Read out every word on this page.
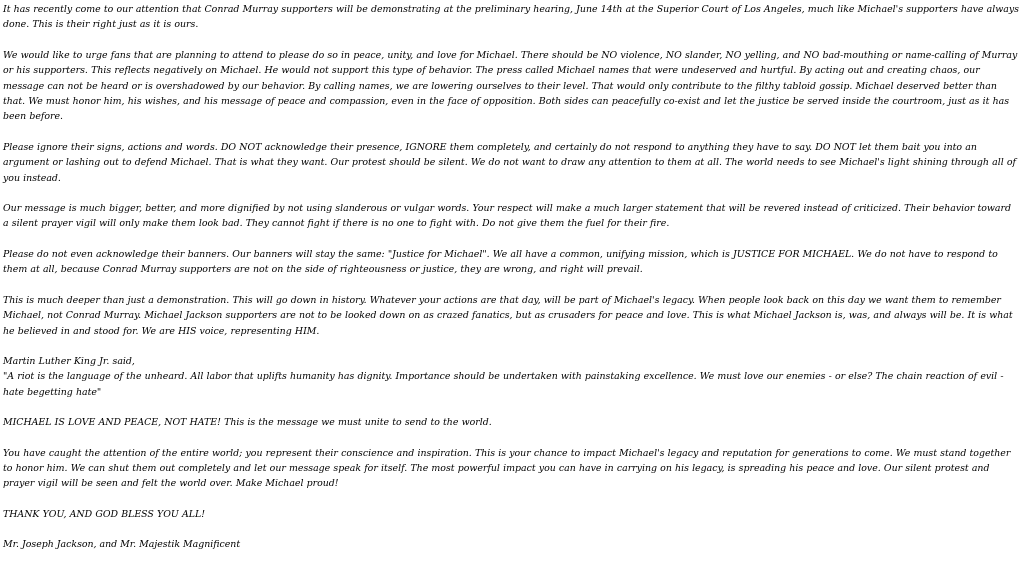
It has recently come to our attention that Conrad Murray supporters will be demonstrating at the preliminary hearing, June 14th at the Superior Court of Los Angeles, much like Michael's supporters have always done. This is their right just as it is ours.

We would like to urge fans that are planning to attend to please do so in peace, unity, and love for Michael. There should be NO violence, NO slander, NO yelling, and NO bad-mouthing or name-calling of Murray or his supporters. This reflects negatively on Michael. He would not support this type of behavior. The press called Michael names that were undeserved and hurtful. By acting out and creating chaos, our message can not be heard or is overshadowed by our behavior. By calling names, we are lowering ourselves to their level. That would only contribute to the filthy tabloid gossip. Michael deserved better than that. We must honor him, his wishes, and his message of peace and compassion, even in the face of opposition. Both sides can peacefully co-exist and let the justice be served inside the courtroom, just as it has been before.

Please ignore their signs, actions and words. DO NOT acknowledge their presence, IGNORE them completely, and certainly do not respond to anything they have to say. DO NOT let them bait you into an argument or lashing out to defend Michael. That is what they want. Our protest should be silent. We do not want to draw any attention to them at all. The world needs to see Michael's light shining through all of you instead.

Our message is much bigger, better, and more dignified by not using slanderous or vulgar words. Your respect will make a much larger statement that will be revered instead of criticized. Their behavior toward a silent prayer vigil will only make them look bad. They cannot fight if there is no one to fight with. Do not give them the fuel for their fire.

Please do not even acknowledge their banners. Our banners will stay the same: "Justice for Michael". We all have a common, unifying mission, which is JUSTICE FOR MICHAEL. We do not have to respond to them at all, because Conrad Murray supporters are not on the side of righteousness or justice, they are wrong, and right will prevail.

This is much deeper than just a demonstration. This will go down in history. Whatever your actions are that day, will be part of Michael's legacy. When people look back on this day we want them to remember Michael, not Conrad Murray. Michael Jackson supporters are not to be looked down on as crazed fanatics, but as crusaders for peace and love. This is what Michael Jackson is, was, and always will be. It is what he believed in and stood for. We are HIS voice, representing HIM.

Martin Luther King Jr. said,

"A riot is the language of the unheard. All labor that uplifts humanity has dignity. Importance should be undertaken with painstaking excellence. We must love our enemies - or else? The chain reaction of evil - hate begetting hate"

MICHAEL IS LOVE AND PEACE, NOT HATE! This is the message we must unite to send to the world.

You have caught the attention of the entire world; you represent their conscience and inspiration. This is your chance to impact Michael's legacy and reputation for generations to come. We must stand together to honor him. We can shut them out completely and let our message speak for itself. The most powerful impact you can have in carrying on his legacy, is spreading his peace and love. Our silent protest and prayer vigil will be seen and felt the world over. Make Michael proud!

THANK YOU, AND GOD BLESS YOU ALL!

Mr. Joseph Jackson, and Mr. Majestik Magnificent
